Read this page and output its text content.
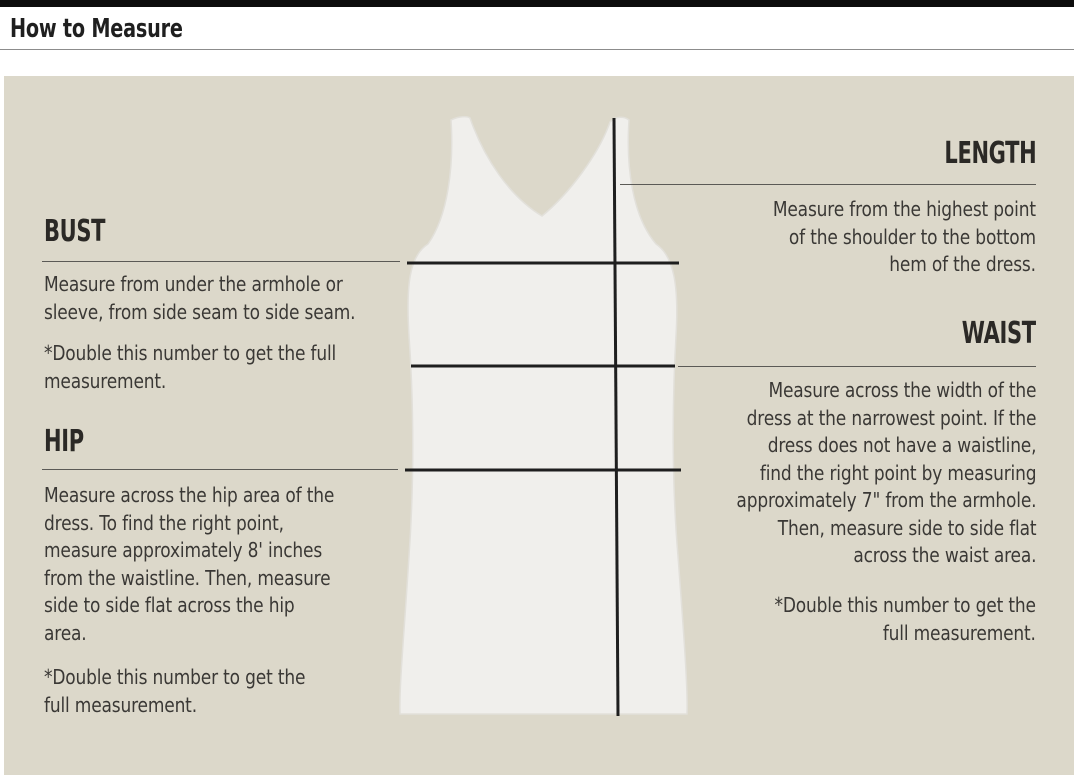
How to Measure
BUST

Measure from under the armhole or
sleeve, from side seam to side seam.

*Double this number to get the full
measurement.

HIP

Measure across the hip area of the
dress. To find the right point,
measure approximately 8' inches
from the waistline. Then, measure
side to side flat across the hip
area.

*Double this number to get the
full measurement.

LENGTH

Measure from the highest point
of the shoulder to the bottom
hem of the dress.

WAIST

Measure across the width of the
dress at the narrowest point. If the
dress does not have a waistline,
find the right point by measuring
approximately 7" from the armhole.
Then, measure side to side flat
across the waist area.

*Double this number to get the
full measurement.
